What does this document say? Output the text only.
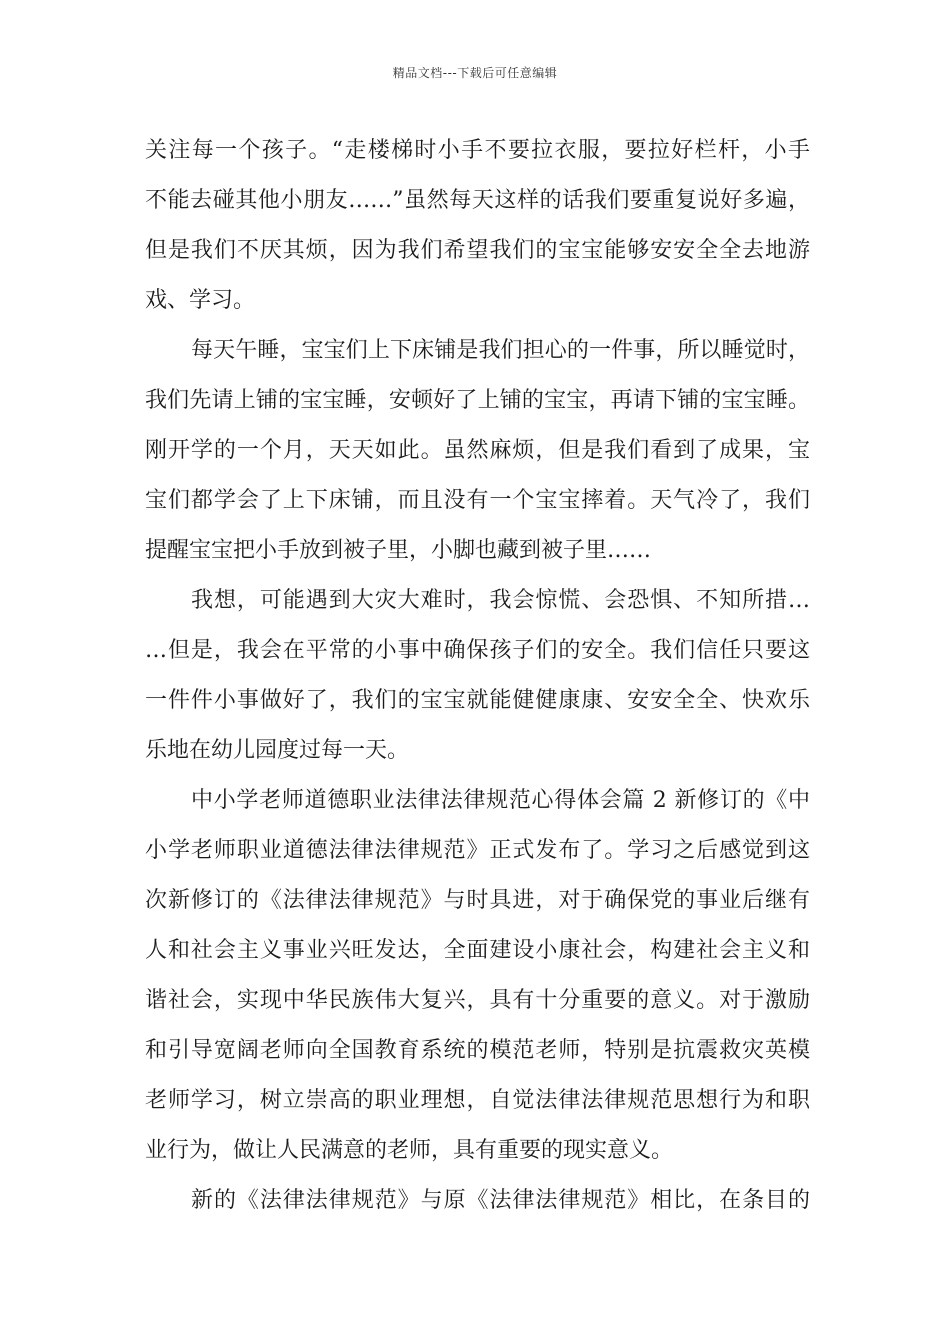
精品文档---下载后可任意编辑
关注每一个孩子。“走楼梯时小手不要拉衣服，要拉好栏杆，小手
不能去碰其他小朋友……”虽然每天这样的话我们要重复说好多遍，
但是我们不厌其烦，因为我们希望我们的宝宝能够安安全全去地游
戏、学习。
每天午睡，宝宝们上下床铺是我们担心的一件事，所以睡觉时，
我们先请上铺的宝宝睡，安顿好了上铺的宝宝，再请下铺的宝宝睡。
刚开学的一个月，天天如此。虽然麻烦，但是我们看到了成果，宝
宝们都学会了上下床铺，而且没有一个宝宝摔着。天气冷了，我们
提醒宝宝把小手放到被子里，小脚也藏到被子里……
我想，可能遇到大灾大难时，我会惊慌、会恐惧、不知所措…
…但是，我会在平常的小事中确保孩子们的安全。我们信任只要这
一件件小事做好了，我们的宝宝就能健健康康、安安全全、快欢乐
乐地在幼儿园度过每一天。
中小学老师道德职业法律法律规范心得体会篇 2 新修订的《中
小学老师职业道德法律法律规范》正式发布了。学习之后感觉到这
次新修订的《法律法律规范》与时具进，对于确保党的事业后继有
人和社会主义事业兴旺发达，全面建设小康社会，构建社会主义和
谐社会，实现中华民族伟大复兴，具有十分重要的意义。对于激励
和引导宽阔老师向全国教育系统的模范老师，特别是抗震救灾英模
老师学习，树立崇高的职业理想，自觉法律法律规范思想行为和职
业行为，做让人民满意的老师，具有重要的现实意义。
新的《法律法律规范》与原《法律法律规范》相比，在条目的
